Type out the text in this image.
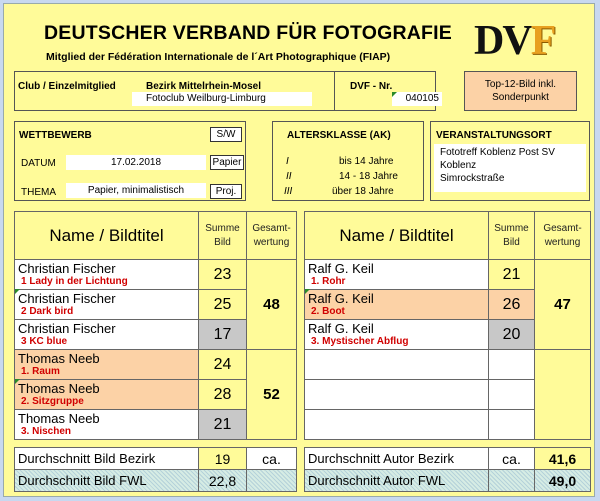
DEUTSCHER VERBAND FÜR FOTOGRAFIE
Mitglied der Fédération Internationale de l´Art Photographique (FIAP) DVF
Club / Einzelmitglied	Bezirk Mittelrhein-Mosel
Fotoclub Weilburg-Limburg
DVF - Nr.
040105
Top-12-Bild inkl. Sonderpunkt
WETTBEWERB	S/W
DATUM	17.02.2018	Papier
THEMA	Papier, minimalistisch	Proj.
ALTERSKLASSE (AK)
I	bis 14 Jahre
II	14 - 18 Jahre
III	über 18 Jahre
VERANSTALTUNGSORT
Fototreff Koblenz Post SV
Koblenz
Simrockstraße
Name / Bildtitel	Summe Bild	Gesamt- wertung
Christian Fischer
1 Lady in der Lichtung	23	48
Christian Fischer
2 Dark bird	25	
Christian Fischer
3 KC blue	17	
Thomas Neeb
1. Raum	24	52
Thomas Neeb
2. Sitzgruppe	28	
Thomas Neeb
3. Nischen	21	
Name / Bildtitel	Summe Bild	Gesamt- wertung
Ralf G. Keil
1. Rohr	21	47
Ralf G. Keil
2. Boot	26	
Ralf G. Keil
3. Mystischer Abflug	20	

Durchschnitt Bild Bezirk	19	ca.
Durchschnitt Bild FWL	22,8	
Durchschnitt Autor Bezirk	ca.	41,6
Durchschnitt Autor FWL		49,0
